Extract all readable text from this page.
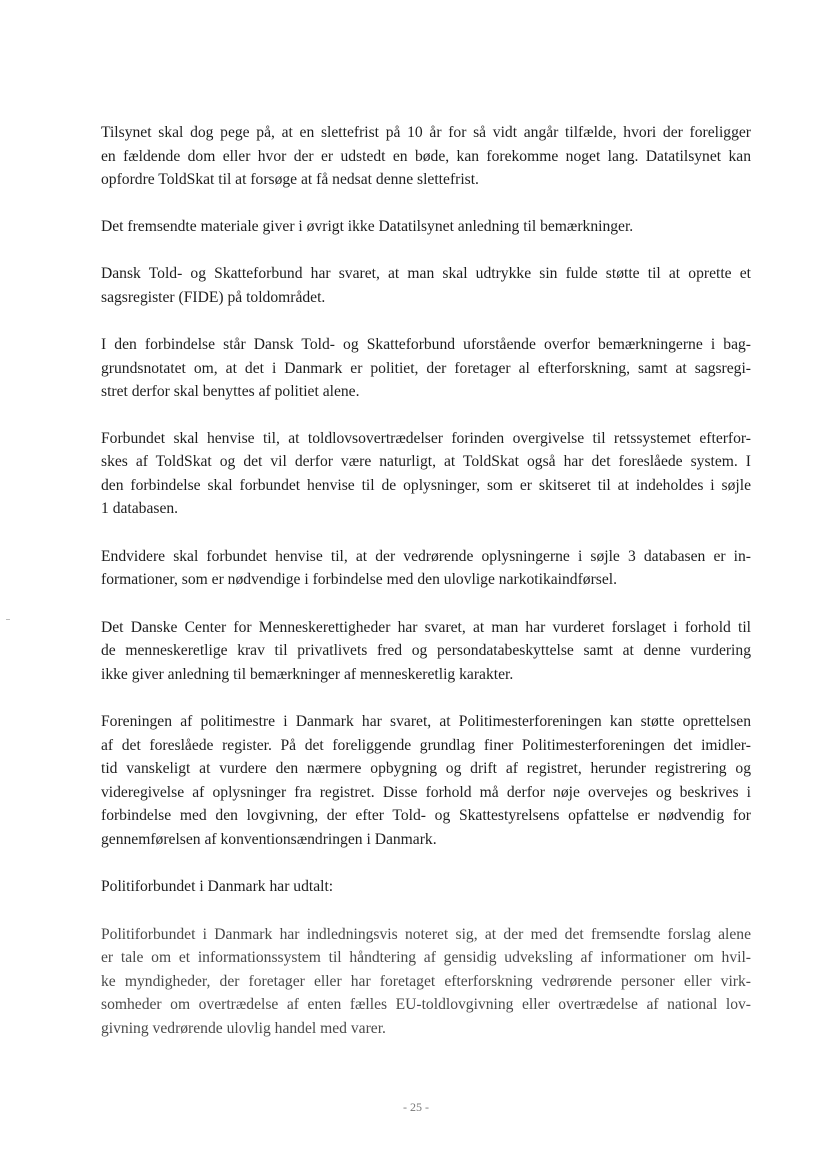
Tilsynet skal dog pege på, at en slettefrist på 10 år for så vidt angår tilfælde, hvori der foreligger
en fældende dom eller hvor der er udstedt en bøde, kan forekomme noget lang. Datatilsynet kan
opfordre ToldSkat til at forsøge at få nedsat denne slettefrist.

Det fremsendte materiale giver i øvrigt ikke Datatilsynet anledning til bemærkninger.

Dansk Told- og Skatteforbund har svaret, at man skal udtrykke sin fulde støtte til at oprette et
sagsregister (FIDE) på toldområdet.

I den forbindelse står Dansk Told- og Skatteforbund uforstående overfor bemærkningerne i bag-
grundsnotatet om, at det i Danmark er politiet, der foretager al efterforskning, samt at sagsregi-
stret derfor skal benyttes af politiet alene.

Forbundet skal henvise til, at toldlovsovertrædelser forinden overgivelse til retssystemet efterfor-
skes af ToldSkat og det vil derfor være naturligt, at ToldSkat også har det foreslåede system. I
den forbindelse skal forbundet henvise til de oplysninger, som er skitseret til at indeholdes i søjle
1 databasen.

Endvidere skal forbundet henvise til, at der vedrørende oplysningerne i søjle 3 databasen er in-
formationer, som er nødvendige i forbindelse med den ulovlige narkotikaindførsel.

Det Danske Center for Menneskerettigheder har svaret, at man har vurderet forslaget i forhold til
de menneskeretlige krav til privatlivets fred og persondatabeskyttelse samt at denne vurdering
ikke giver anledning til bemærkninger af menneskeretlig karakter.

Foreningen af politimestre i Danmark har svaret, at Politimesterforeningen kan støtte oprettelsen
af det foreslåede register. På det foreliggende grundlag finer Politimesterforeningen det imidler-
tid vanskeligt at vurdere den nærmere opbygning og drift af registret, herunder registrering og
videregivelse af oplysninger fra registret. Disse forhold må derfor nøje overvejes og beskrives i
forbindelse med den lovgivning, der efter Told- og Skattestyrelsens opfattelse er nødvendig for
gennemførelsen af konventionsændringen i Danmark.

Politiforbundet i Danmark har udtalt:

Politiforbundet i Danmark har indledningsvis noteret sig, at der med det fremsendte forslag alene
er tale om et informationssystem til håndtering af gensidig udveksling af informationer om hvil-
ke myndigheder, der foretager eller har foretaget efterforskning vedrørende personer eller virk-
somheder om overtrædelse af enten fælles EU-toldlovgivning eller overtrædelse af national lov-
givning vedrørende ulovlig handel med varer.

- 25 -
